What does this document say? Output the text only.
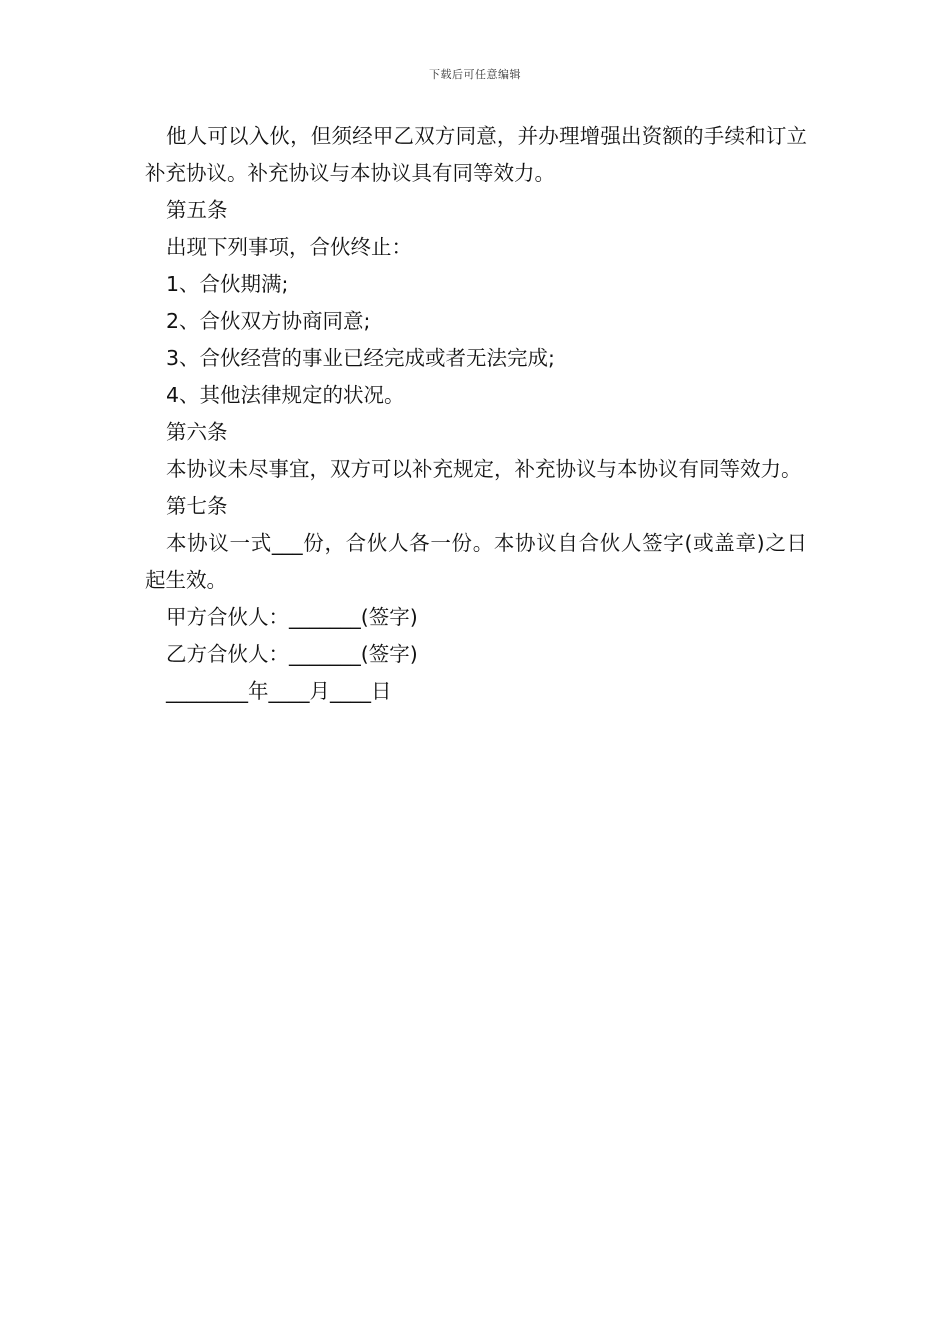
下载后可任意编辑

他人可以入伙，但须经甲乙双方同意，并办理增强出资额的手续和订立补充协议。补充协议与本协议具有同等效力。

第五条

出现下列事项，合伙终止：

1、合伙期满;

2、合伙双方协商同意;

3、合伙经营的事业已经完成或者无法完成;

4、其他法律规定的状况。

第六条

本协议未尽事宜，双方可以补充规定，补充协议与本协议有同等效力。

第七条

本协议一式___份，合伙人各一份。本协议自合伙人签字(或盖章)之日起生效。

甲方合伙人：_______(签字)

乙方合伙人：_______(签字)

________年____月____日
